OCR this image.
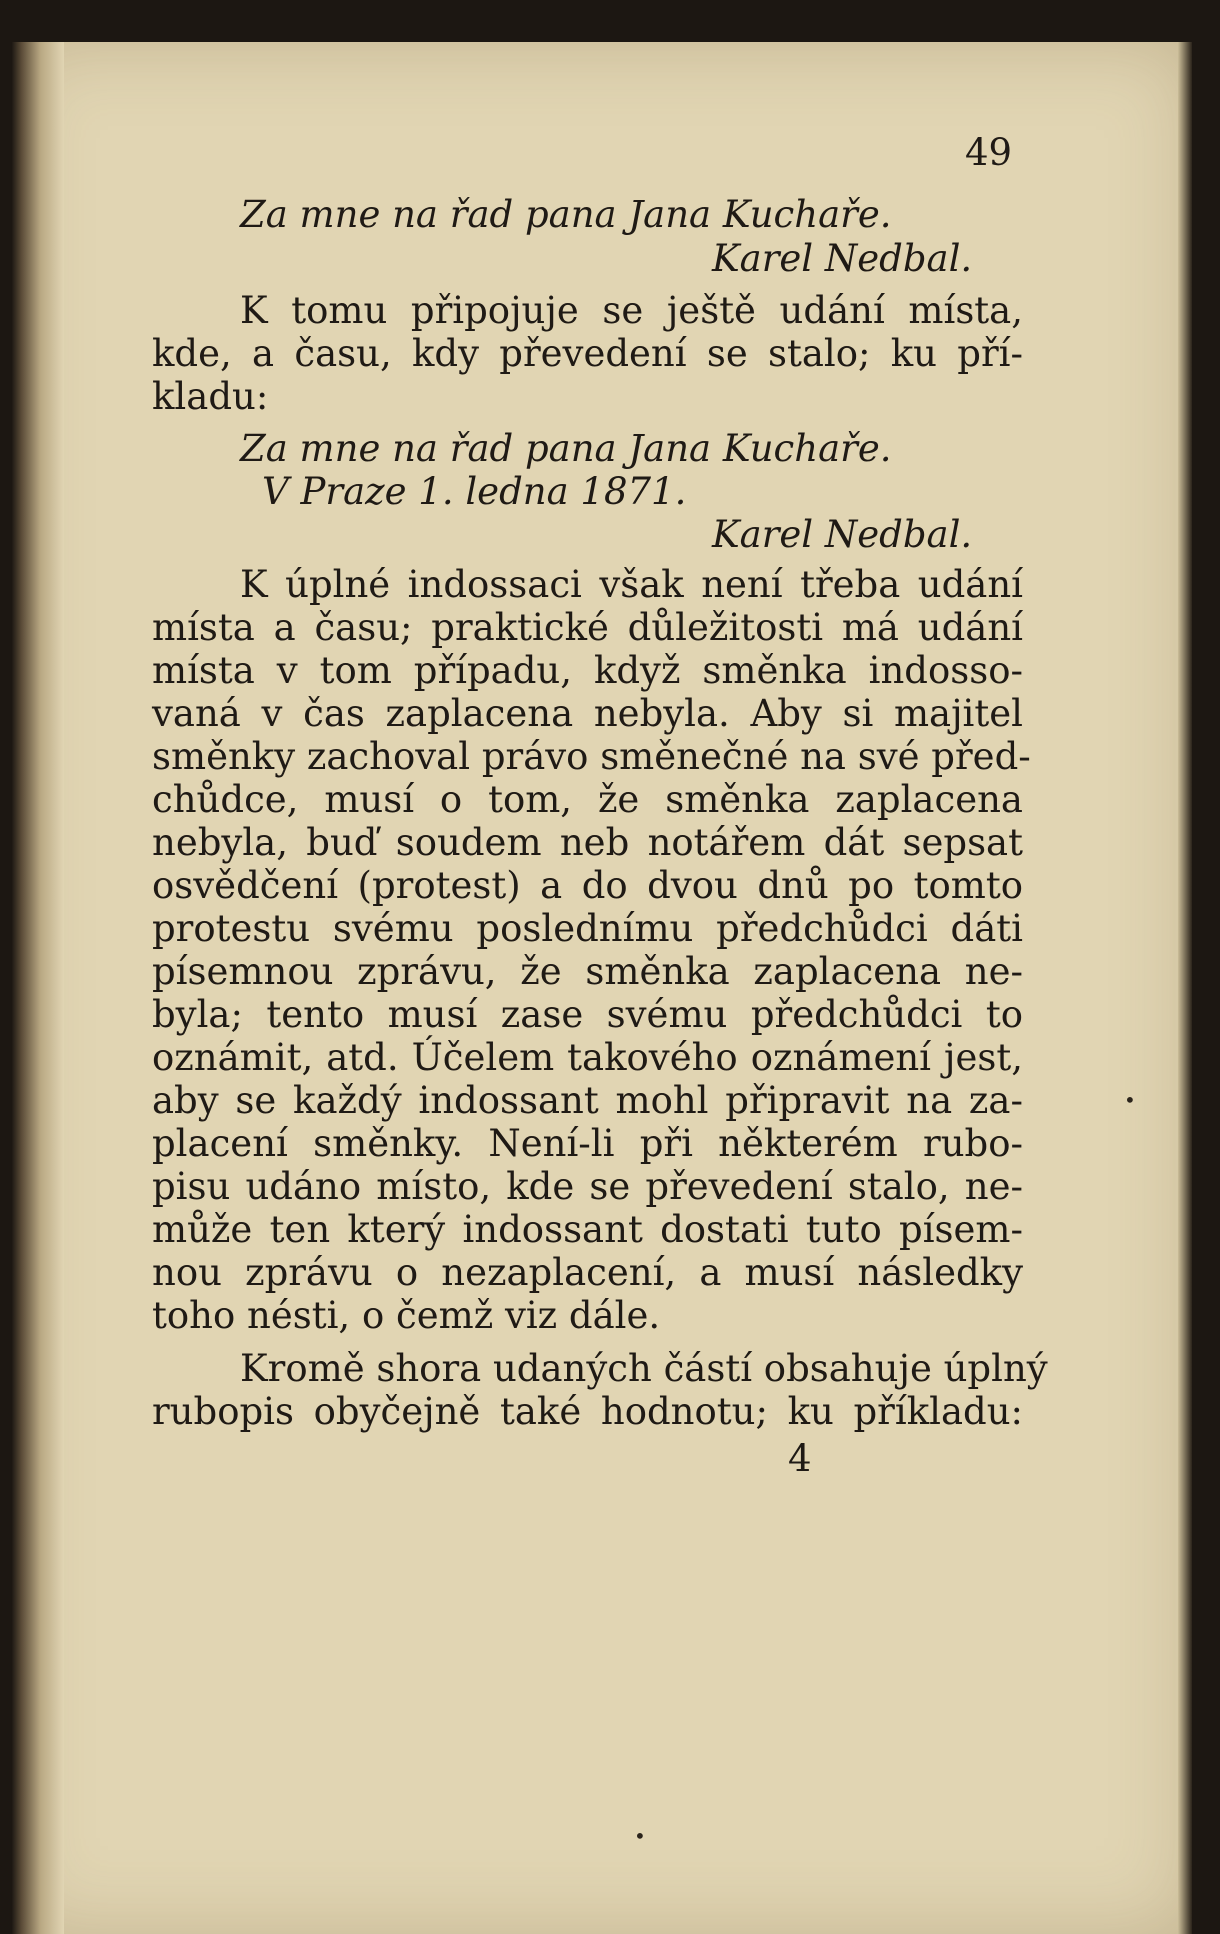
49
Za mne na řad pana Jana Kuchaře.
Karel Nedbal.
K tomu připojuje se ještě udání místa,
kde, a času, kdy převedení se stalo; ku pří-
kladu:
Za mne na řad pana Jana Kuchaře.
V Praze 1. ledna 1871.
Karel Nedbal.
K úplné indossaci však není třeba udání
místa a času; praktické důležitosti má udání
místa v tom případu, když směnka indosso-
vaná v čas zaplacena nebyla. Aby si majitel
směnky zachoval právo směnečné na své před-
chůdce, musí o tom, že směnka zaplacena
nebyla, buď soudem neb notářem dát sepsat
osvědčení (protest) a do dvou dnů po tomto
protestu svému poslednímu předchůdci dáti
písemnou zprávu, že směnka zaplacena ne-
byla; tento musí zase svému předchůdci to
oznámit, atd. Účelem takového oznámení jest,
aby se každý indossant mohl připravit na za-
placení směnky. Není-li při některém rubo-
pisu udáno místo, kde se převedení stalo, ne-
může ten který indossant dostati tuto písem-
nou zprávu o nezaplacení, a musí následky
toho nésti, o čemž viz dále.
Kromě shora udaných částí obsahuje úplný
rubopis obyčejně také hodnotu; ku příkladu:
4
•
•
